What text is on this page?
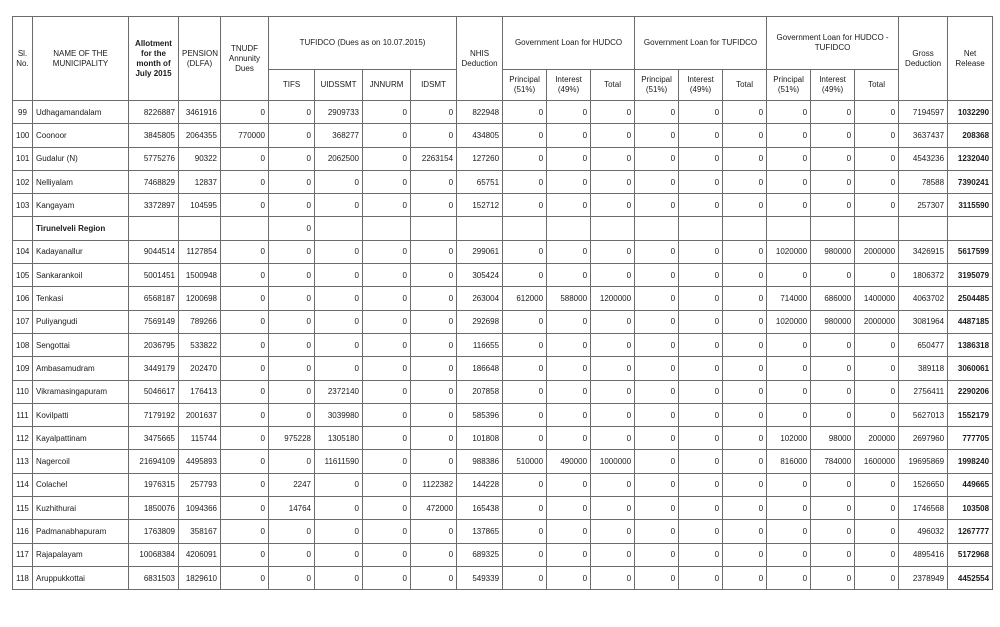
Sl. No.	NAME OF THE MUNICIPALITY	Allotment for the month of July 2015	PENSION (DLFA)	TNUDF Annunity Dues	TUFIDCO (Dues as on 10.07.2015)				NHIS Deduction	Government Loan for HUDCO			Government Loan for TUFIDCO			Government Loan for HUDCO - TUFIDCO			Gross Deduction	Net Release
					TIFS	UIDSSMT	JNNURM	IDSMT		Principal (51%)	Interest (49%)	Total	Principal (51%)	Interest (49%)	Total	Principal (51%)	Interest (49%)	Total		
99	Udhagamandalam	8226887	3461916	0	0	2909733	0	0	822948	0	0	0	0	0	0	0	0	0	7194597	1032290
100	Coonoor	3845805	2064355	770000	0	368277	0	0	434805	0	0	0	0	0	0	0	0	0	3637437	208368
101	Gudalur (N)	5775276	90322	0	0	2062500	0	2263154	127260	0	0	0	0	0	0	0	0	0	4543236	1232040
102	Nelliyalam	7468829	12837	0	0	0	0	0	65751	0	0	0	0	0	0	0	0	0	78588	7390241
103	Kangayam	3372897	104595	0	0	0	0	0	152712	0	0	0	0	0	0	0	0	0	257307	3115590
	Tirunelveli Region				0															
104	Kadayanallur	9044514	1127854	0	0	0	0	0	299061	0	0	0	0	0	0	1020000	980000	2000000	3426915	5617599
105	Sankarankoil	5001451	1500948	0	0	0	0	0	305424	0	0	0	0	0	0	0	0	0	1806372	3195079
106	Tenkasi	6568187	1200698	0	0	0	0	0	263004	612000	588000	1200000	0	0	0	714000	686000	1400000	4063702	2504485
107	Puliyangudi	7569149	789266	0	0	0	0	0	292698	0	0	0	0	0	0	1020000	980000	2000000	3081964	4487185
108	Sengottai	2036795	533822	0	0	0	0	0	116655	0	0	0	0	0	0	0	0	0	650477	1386318
109	Ambasamudram	3449179	202470	0	0	0	0	0	186648	0	0	0	0	0	0	0	0	0	389118	3060061
110	Vikramasingapuram	5046617	176413	0	0	2372140	0	0	207858	0	0	0	0	0	0	0	0	0	2756411	2290206
111	Kovilpatti	7179192	2001637	0	0	3039980	0	0	585396	0	0	0	0	0	0	0	0	0	5627013	1552179
112	Kayalpattinam	3475665	115744	0	975228	1305180	0	0	101808	0	0	0	0	0	0	102000	98000	200000	2697960	777705
113	Nagercoil	21694109	4495893	0	0	11611590	0	0	988386	510000	490000	1000000	0	0	0	816000	784000	1600000	19695869	1998240
114	Colachel	1976315	257793	0	2247	0	0	1122382	144228	0	0	0	0	0	0	0	0	0	1526650	449665
115	Kuzhithurai	1850076	1094366	0	14764	0	0	472000	165438	0	0	0	0	0	0	0	0	0	1746568	103508
116	Padmanabhapuram	1763809	358167	0	0	0	0	0	137865	0	0	0	0	0	0	0	0	0	496032	1267777
117	Rajapalayam	10068384	4206091	0	0	0	0	0	689325	0	0	0	0	0	0	0	0	0	4895416	5172968
118	Aruppukkottai	6831503	1829610	0	0	0	0	0	549339	0	0	0	0	0	0	0	0	0	2378949	4452554
